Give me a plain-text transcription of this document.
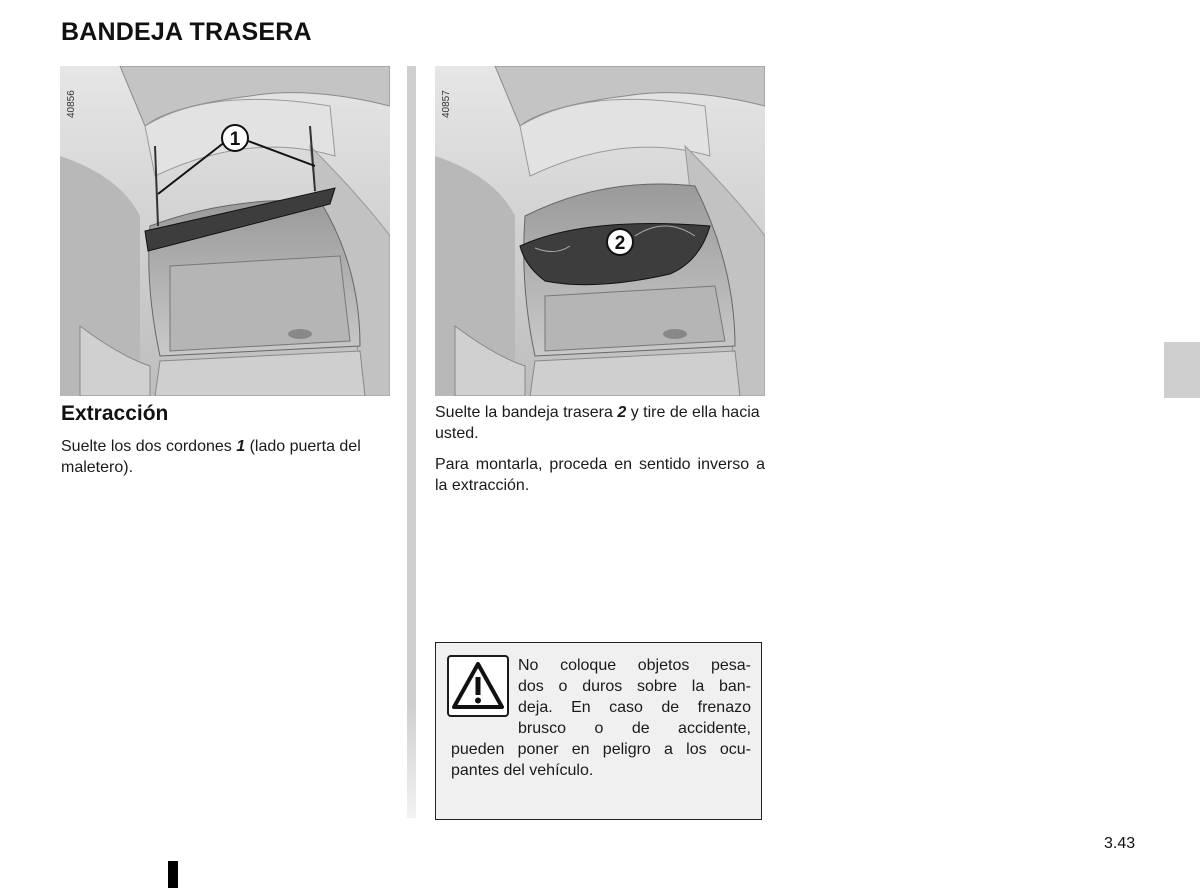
BANDEJA TRASERA
1
40856
2
40857
Extracción

Suelte los dos cordones 1 (lado puerta del maletero).

Suelte la bandeja trasera 2 y tire de ella hacia usted.

Para montarla, proceda en sentido inverso a la extracción.

No coloque objetos pesa-
dos o duros sobre la ban-
deja. En caso de frenazo
brusco o de accidente,
pueden poner en peligro a los ocu-
pantes del vehículo.
3.43
